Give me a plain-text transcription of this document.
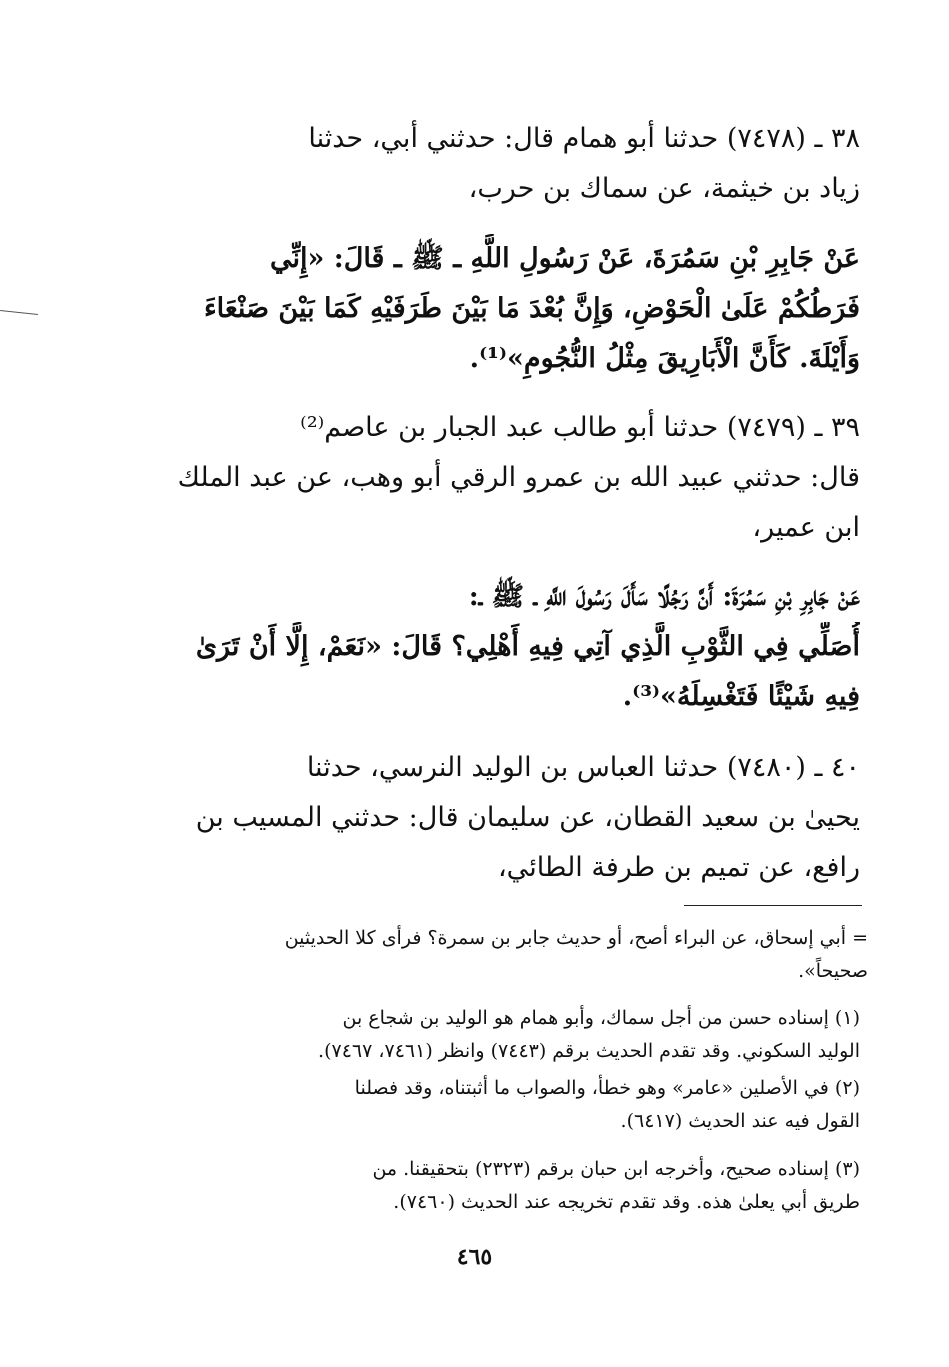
٣٨ ـ (٧٤٧٨) حدثنا أبو همام قال: حدثني أبي، حدثنا
زياد بن خيثمة، عن سماك بن حرب،
عَنْ جَابِرِ بْنِ سَمُرَةَ، عَنْ رَسُولِ اللَّهِ ـ ﷺ ـ قَالَ: «إِنِّي
فَرَطُكُمْ عَلَىٰ الْحَوْضِ، وَإِنَّ بُعْدَ مَا بَيْنَ طَرَفَيْهِ كَمَا بَيْنَ صَنْعَاءَ
وَأَيْلَةَ. كَأَنَّ الْأَبَارِيقَ مِثْلُ النُّجُومِ»⁽¹⁾.
٣٩ ـ (٧٤٧٩) حدثنا أبو طالب عبد الجبار بن عاصم⁽²⁾
قال: حدثني عبيد الله بن عمرو الرقي أبو وهب، عن عبد الملك
ابن عمير،
عَنْ جَابِرِ بْنِ سَمُرَةَ: أَنَّ رَجُلًا سَأَلَ رَسُولَ اللَّهِ ـ ﷺ ـ:
أُصَلِّي فِي الثَّوْبِ الَّذِي آتِي فِيهِ أَهْلِي؟ قَالَ: «نَعَمْ، إِلَّا أَنْ تَرَىٰ
فِيهِ شَيْئًا فَتَغْسِلَهُ»⁽³⁾.
٤٠ ـ (٧٤٨٠) حدثنا العباس بن الوليد النرسي، حدثنا
يحيىٰ بن سعيد القطان، عن سليمان قال: حدثني المسيب بن
رافع، عن تميم بن طرفة الطائي،
= أبي إسحاق، عن البراء أصح، أو حديث جابر بن سمرة؟ فرأى كلا الحديثين
صحيحاً».
(١) إسناده حسن من أجل سماك، وأبو همام هو الوليد بن شجاع بن
الوليد السكوني. وقد تقدم الحديث برقم (٧٤٤٣) وانظر (٧٤٦١، ٧٤٦٧).
(٢) في الأصلين «عامر» وهو خطأ، والصواب ما أثبتناه، وقد فصلنا
القول فيه عند الحديث (٦٤١٧).
(٣) إسناده صحيح، وأخرجه ابن حبان برقم (٢٣٢٣) بتحقيقنا. من
طريق أبي يعلىٰ هذه. وقد تقدم تخريجه عند الحديث (٧٤٦٠).
٤٦٥
